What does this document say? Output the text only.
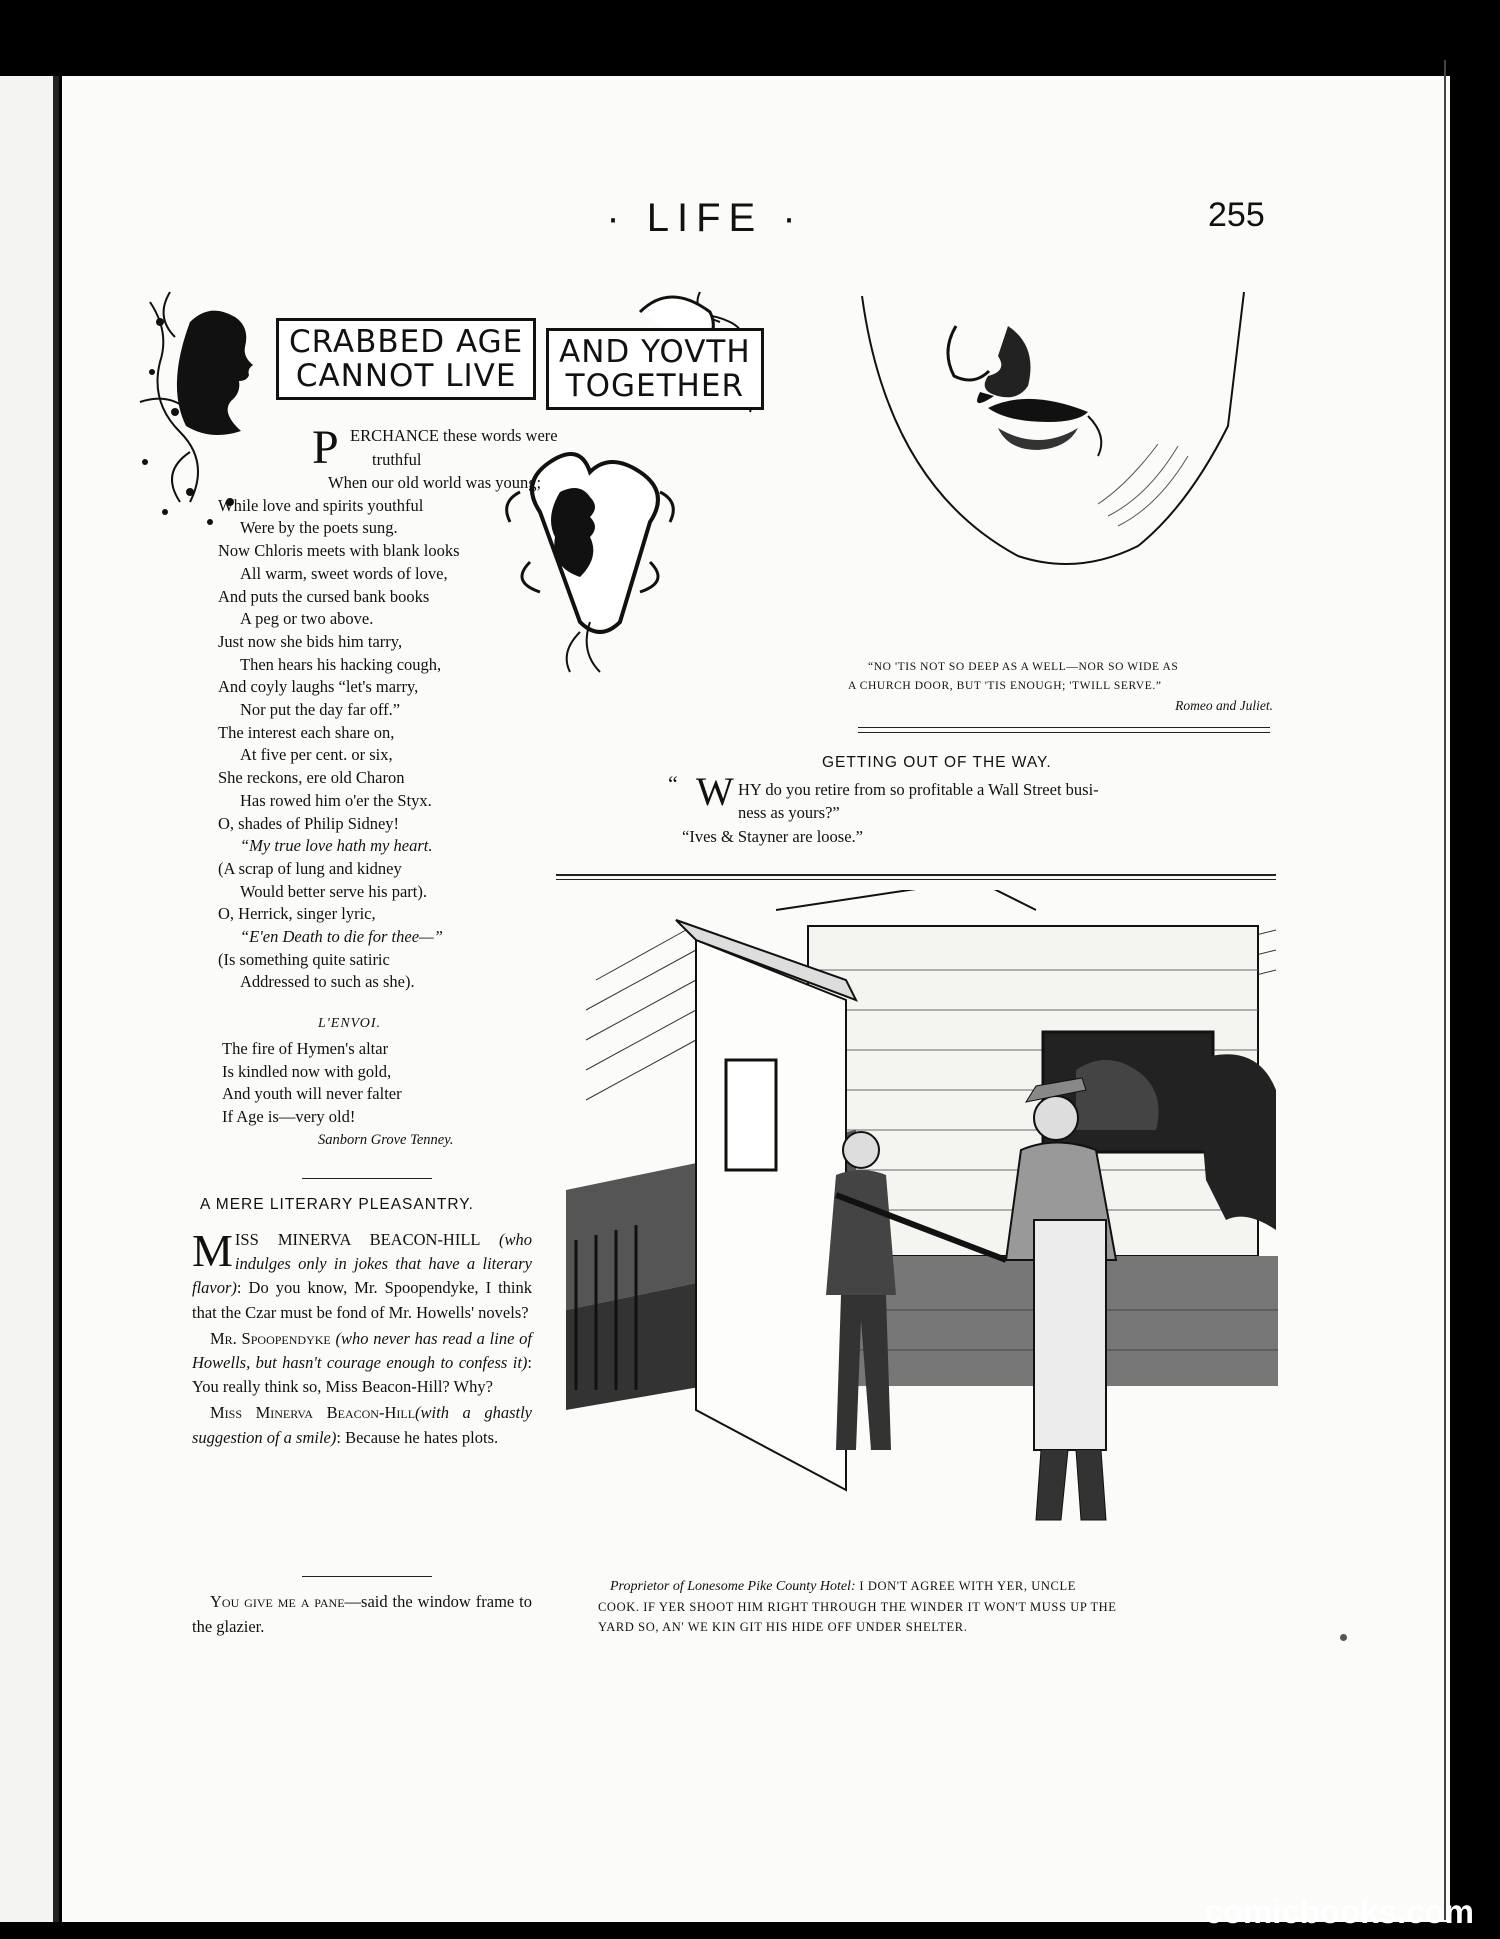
· LIFE ·	255
CRABBED AGE
CANNOT LIVE
AND YOVTH
TOGETHER
P ERCHANCE these words were
truthful
When our old world was young;
While love and spirits youthful
Were by the poets sung.
Now Chloris meets with blank looks
All warm, sweet words of love,
And puts the cursed bank books
A peg or two above.
Just now she bids him tarry,
Then hears his hacking cough,
And coyly laughs “let's marry,
Nor put the day far off.”
The interest each share on,
At five per cent. or six,
She reckons, ere old Charon
Has rowed him o'er the Styx.
O, shades of Philip Sidney!
“My true love hath my heart.
(A scrap of lung and kidney
Would better serve his part).
O, Herrick, singer lyric,
“E'en Death to die for thee—”
(Is something quite satiric
Addressed to such as she).
L'ENVOI.
The fire of Hymen's altar
Is kindled now with gold,
And youth will never falter
If Age is—very old!
Sanborn Grove Tenney.
A MERE LITERARY PLEASANTRY.

MISS MINERVA BEACON-HILL (who indulges only in jokes that have a literary flavor): Do you know, Mr. Spoopendyke, I think that the Czar must be fond of Mr. Howells' novels?

Mr. Spoopendyke (who never has read a line of Howells, but hasn't courage enough to confess it): You really think so, Miss Beacon-Hill? Why?

Miss Minerva Beacon-Hill(with a ghastly suggestion of a smile): Because he hates plots.

You give me a pane—said the window frame to the glazier.
“NO 'TIS NOT SO DEEP AS A WELL—NOR SO WIDE AS
A CHURCH DOOR, BUT 'TIS ENOUGH; 'TWILL SERVE.”
Romeo and Juliet.
GETTING OUT OF THE WAY.
“ W HY do you retire from so profitable a Wall Street busi-
ness as yours?”
“Ives & Stayner are loose.”
Proprietor of Lonesome Pike County Hotel: I DON'T AGREE WITH YER, UNCLE
COOK. IF YER SHOOT HIM RIGHT THROUGH THE WINDER IT WON'T MUSS UP THE
YARD SO, AN' WE KIN GIT HIS HIDE OFF UNDER SHELTER.
comicbooks.com
